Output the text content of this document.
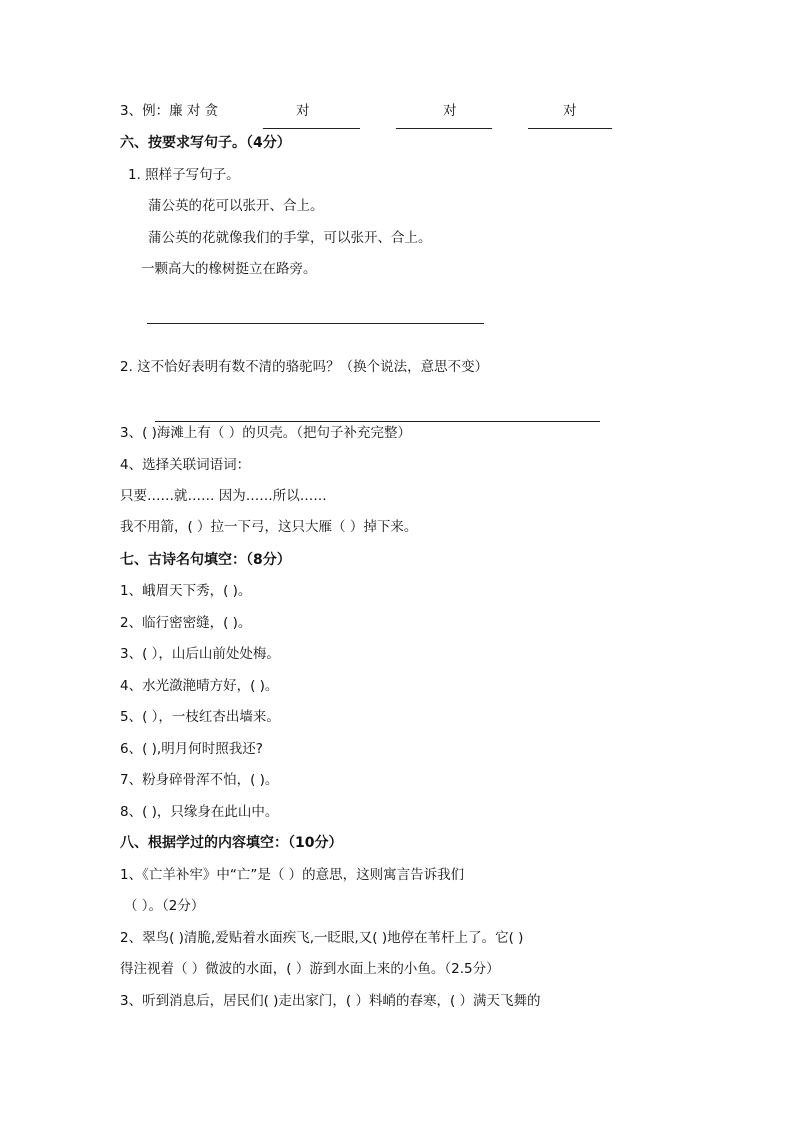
3、例：廉 对 贪	对	对	对
六、按要求写句子。（4分）
1. 照样子写句子。
蒲公英的花可以张开、合上。
蒲公英的花就像我们的手掌，可以张开、合上。
一颗高大的橡树挺立在路旁。
2. 这不恰好表明有数不清的骆驼吗？（换个说法，意思不变）
3、( )海滩上有（ ）的贝壳。（把句子补充完整）
4、选择关联词语词：
只要……就…… 因为……所以……
我不用箭，( ）拉一下弓，这只大雁（ ）掉下来。
七、古诗名句填空：（8分）
1、峨眉天下秀，( )。
2、临行密密缝，( )。
3、( ），山后山前处处梅。
4、水光潋滟晴方好，( )。
5、( ），一枝红杏出墙来。
6、( ),明月何时照我还?
7、粉身碎骨浑不怕，( )。
8、( )，只缘身在此山中。
八、根据学过的内容填空：（10分）
1、《亡羊补牢》中“亡”是（ ）的意思，这则寓言告诉我们
（ ）。（2分）
2、翠鸟( )清脆,爱贴着水面疾飞,一眨眼,又( )地停在苇杆上了。它( )
得注视着（ ）微波的水面，( ）游到水面上来的小鱼。（2.5分）
3、听到消息后，居民们( )走出家门，( ）料峭的春寒，( ）满天飞舞的
